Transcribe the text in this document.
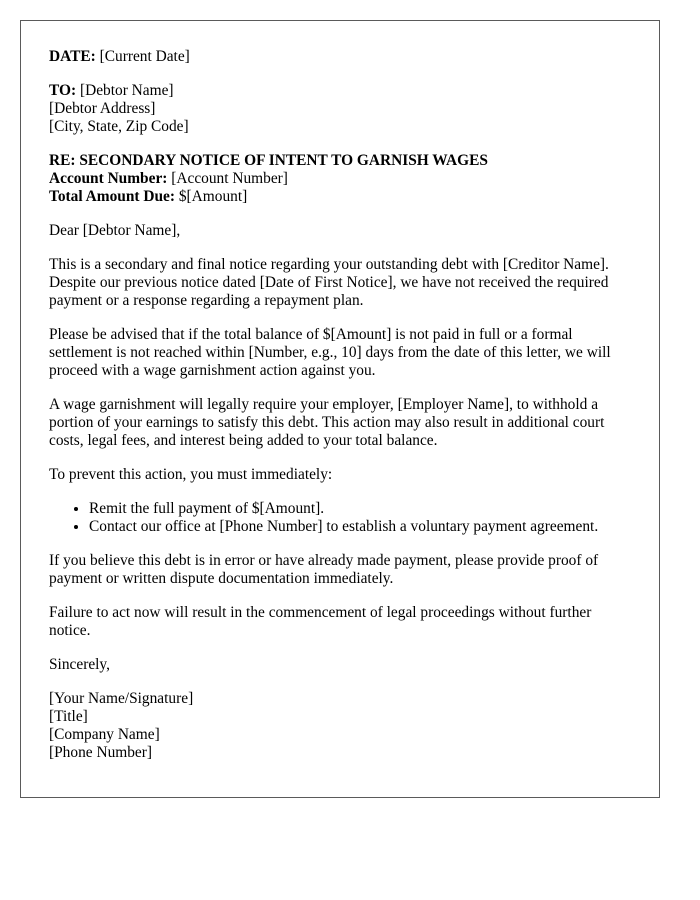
DATE: [Current Date]

TO: [Debtor Name]
[Debtor Address]
[City, State, Zip Code]

RE: SECONDARY NOTICE OF INTENT TO GARNISH WAGES
Account Number: [Account Number]
Total Amount Due: $[Amount]

Dear [Debtor Name],

This is a secondary and final notice regarding your outstanding debt with [Creditor Name]. Despite our previous notice dated [Date of First Notice], we have not received the required payment or a response regarding a repayment plan.

Please be advised that if the total balance of $[Amount] is not paid in full or a formal settlement is not reached within [Number, e.g., 10] days from the date of this letter, we will proceed with a wage garnishment action against you.

A wage garnishment will legally require your employer, [Employer Name], to withhold a portion of your earnings to satisfy this debt. This action may also result in additional court costs, legal fees, and interest being added to your total balance.

To prevent this action, you must immediately:

• Remit the full payment of $[Amount].
• Contact our office at [Phone Number] to establish a voluntary payment agreement.

If you believe this debt is in error or have already made payment, please provide proof of payment or written dispute documentation immediately.

Failure to act now will result in the commencement of legal proceedings without further notice.

Sincerely,

[Your Name/Signature]
[Title]
[Company Name]
[Phone Number]
